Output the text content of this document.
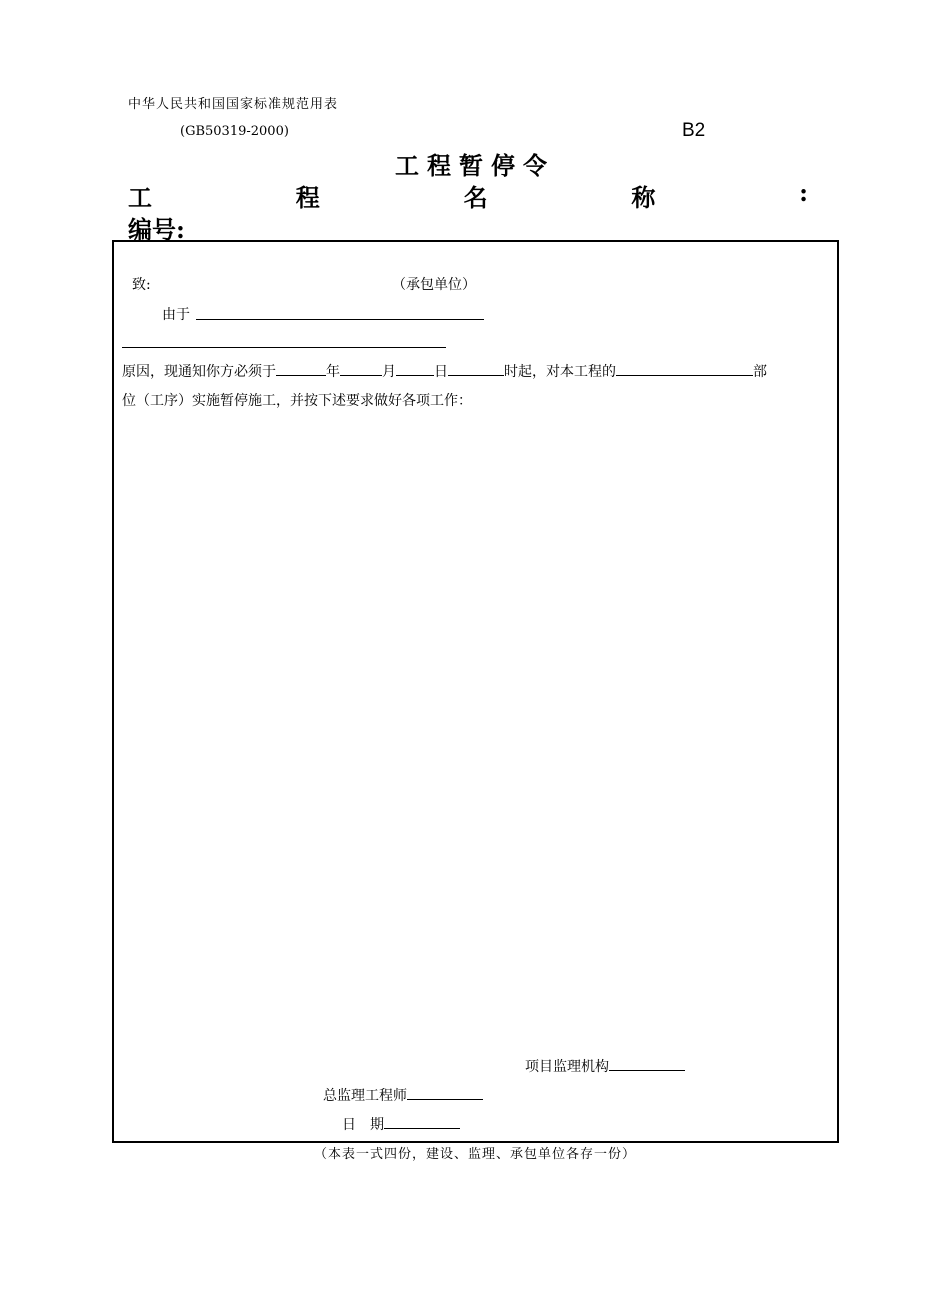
中华人民共和国国家标准规范用表
(GB50319-2000)	B2
工程暂停令
工	程	名	称	:
编号:
致:	（承包单位）
由于
原因，现通知你方必须于	年	月	日	时起，对本工程的	部
位（工序）实施暂停施工，并按下述要求做好各项工作：
项目监理机构
总监理工程师
日　期
（本表一式四份，建设、监理、承包单位各存一份）
